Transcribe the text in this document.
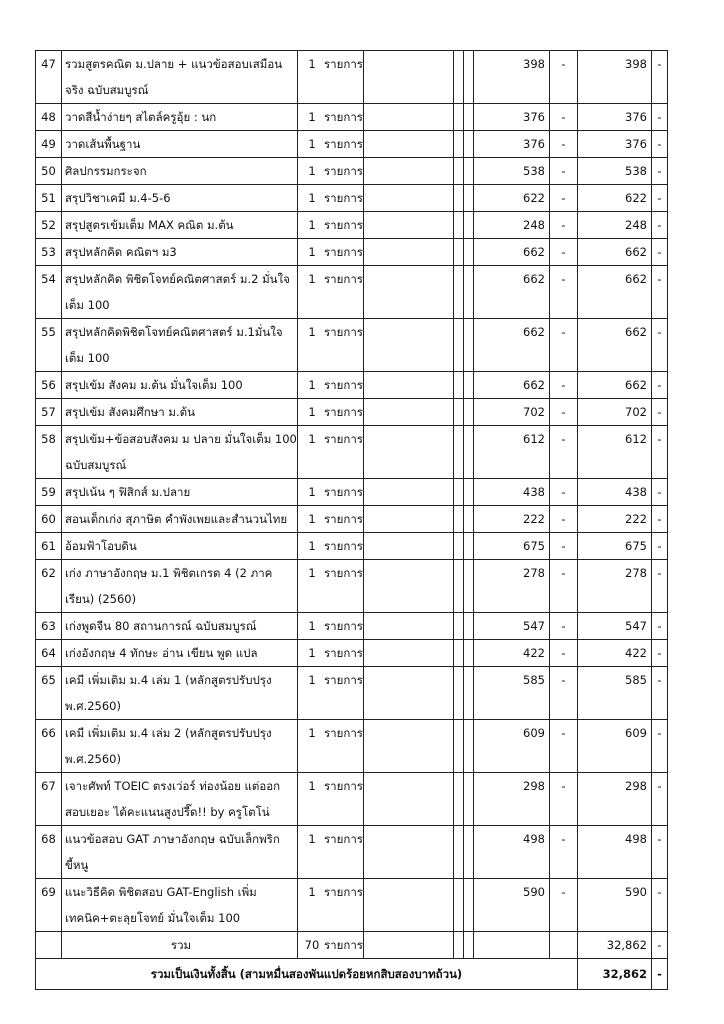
47	รวมสูตรคณิต ม.ปลาย + แนวข้อสอบเสมือนจริง ฉบับสมบูรณ์	1 รายการ				398	-	398	-
48	วาดสีน้ำง่ายๆ สไตล์ครูอุ้ย : นก	1 รายการ				376	-	376	-
49	วาดเส้นพื้นฐาน	1 รายการ				376	-	376	-
50	ศิลปกรรมกระจก	1 รายการ				538	-	538	-
51	สรุปวิชาเคมี ม.4-5-6	1 รายการ				622	-	622	-
52	สรุปสูตรเข้มเต็ม MAX คณิต ม.ต้น	1 รายการ				248	-	248	-
53	สรุปหลักคิด คณิตฯ ม3	1 รายการ				662	-	662	-
54	สรุปหลักคิด พิชิตโจทย์คณิตศาสตร์ ม.2 มั่นใจเต็ม 100	1 รายการ				662	-	662	-
55	สรุปหลักคิดพิชิตโจทย์คณิตศาสตร์ ม.1มั่นใจเต็ม 100	1 รายการ				662	-	662	-
56	สรุปเข้ม สังคม ม.ต้น มั่นใจเต็ม 100	1 รายการ				662	-	662	-
57	สรุปเข้ม สังคมศึกษา ม.ต้น	1 รายการ				702	-	702	-
58	สรุปเข้ม+ข้อสอบสังคม ม ปลาย มั่นใจเต็ม 100 ฉบับสมบูรณ์	1 รายการ				612	-	612	-
59	สรุปเน้น ๆ ฟิสิกส์ ม.ปลาย	1 รายการ				438	-	438	-
60	สอนเด็กเก่ง สุภาษิต คำพังเพยและสำนวนไทย	1 รายการ				222	-	222	-
61	อ้อมฟ้าโอบดิน	1 รายการ				675	-	675	-
62	เก่ง ภาษาอังกฤษ ม.1 พิชิตเกรด 4 (2 ภาคเรียน) (2560)	1 รายการ				278	-	278	-
63	เก่งพูดจีน 80 สถานการณ์ ฉบับสมบูรณ์	1 รายการ				547	-	547	-
64	เก่งอังกฤษ 4 ทักษะ อ่าน เขียน พูด แปล	1 รายการ				422	-	422	-
65	เคมี เพิ่มเติม ม.4 เล่ม 1 (หลักสูตรปรับปรุง พ.ศ.2560)	1 รายการ				585	-	585	-
66	เคมี เพิ่มเติม ม.4 เล่ม 2 (หลักสูตรปรับปรุง พ.ศ.2560)	1 รายการ				609	-	609	-
67	เจาะศัพท์ TOEIC ตรงเว่อร์ ท่องน้อย แต่ออกสอบเยอะ ได้คะแนนสูงปรี๊ด!! by ครูโตโน่	1 รายการ				298	-	298	-
68	แนวข้อสอบ GAT ภาษาอังกฤษ ฉบับเล็กพริกขี้หนู	1 รายการ				498	-	498	-
69	แนะวิธีคิด พิชิตสอบ GAT-English เพิ่มเทคนิค+ตะลุยโจทย์ มั่นใจเต็ม 100	1 รายการ				590	-	590	-

	รวม	70 รายการ						32,862	-
รวมเป็นเงินทั้งสิ้น (สามหมื่นสองพันแปดร้อยหกสิบสองบาทถ้วน)								32,862	-
